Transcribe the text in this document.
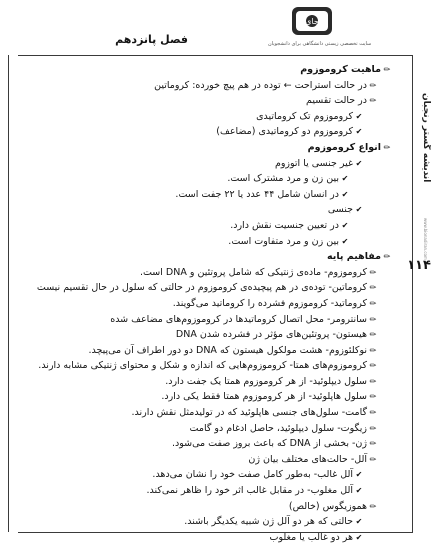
جای
سایت تخصصی زیستی دانشگاهی برای دانشجویان
فصل پانزدهم
اندیشه گستر رنجبان
www.bionadiran.com
۱۱۴
✏ماهیت کروموزوم
✏در حالت استراحت ← توده در هم پیچ خورده: کروماتین
✏در حالت تقسیم
✔کروموزوم تک کروماتیدی
✔کروموزوم دو کروماتیدی (مضاعف)
✏انواع کروموزوم
✔غیر جنسی یا اتوزوم
✔بین زن و مرد مشترک است.
✔در انسان شامل ۴۴ عدد یا ۲۲ جفت است.
✔جنسی
✔در تعیین جنسیت نقش دارد.
✔بین زن و مرد متفاوت است.
✏مفاهیم پایه
✏کروموزوم- ماده‌ی ژنتیکی که شامل پروتئین و DNA است.
✏کروماتین- توده‌ی در هم پیچیده‌ی کروموزوم در حالتی که سلول در حال تقسیم نیست
✏کروماتید- کروموزوم فشرده را کروماتید می‌گویند.
✏سانترومر- محل اتصال کروماتیدها در کروموزوم‌های مضاعف شده
✏هیستون- پروتئین‌های مؤثر در فشرده شدن DNA
✏نوکلئوزوم- هشت مولکول هیستون که DNA دو دور اطراف آن می‌پیچد.
✏کروموزوم‌های همتا- کروموزوم‌هایی که اندازه و شکل و محتوای ژنتیکی مشابه دارند.
✏سلول دیپلوئید- از هر کروموزوم همتا یک جفت دارد.
✏سلول هاپلوئید- از هر کروموزوم همتا فقط یکی دارد.
✏گامت- سلول‌های جنسی هاپلوئید که در تولیدمثل نقش دارند.
✏زیگوت- سلول دیپلوئید، حاصل ادغام دو گامت
✏ژن- بخشی از DNA که باعث بروز صفت می‌شود.
✏آلل- حالت‌های مختلف بیان ژن
✔آلل غالب- به‌طور کامل صفت خود را نشان می‌دهد.
✔آلل مغلوب- در مقابل غالب اثر خود را ظاهر نمی‌کند.
✏هموزیگوس (خالص)
✔حالتی که هر دو آلل ژن شبیه یکدیگر باشند.
✔هر دو غالب یا مغلوب
